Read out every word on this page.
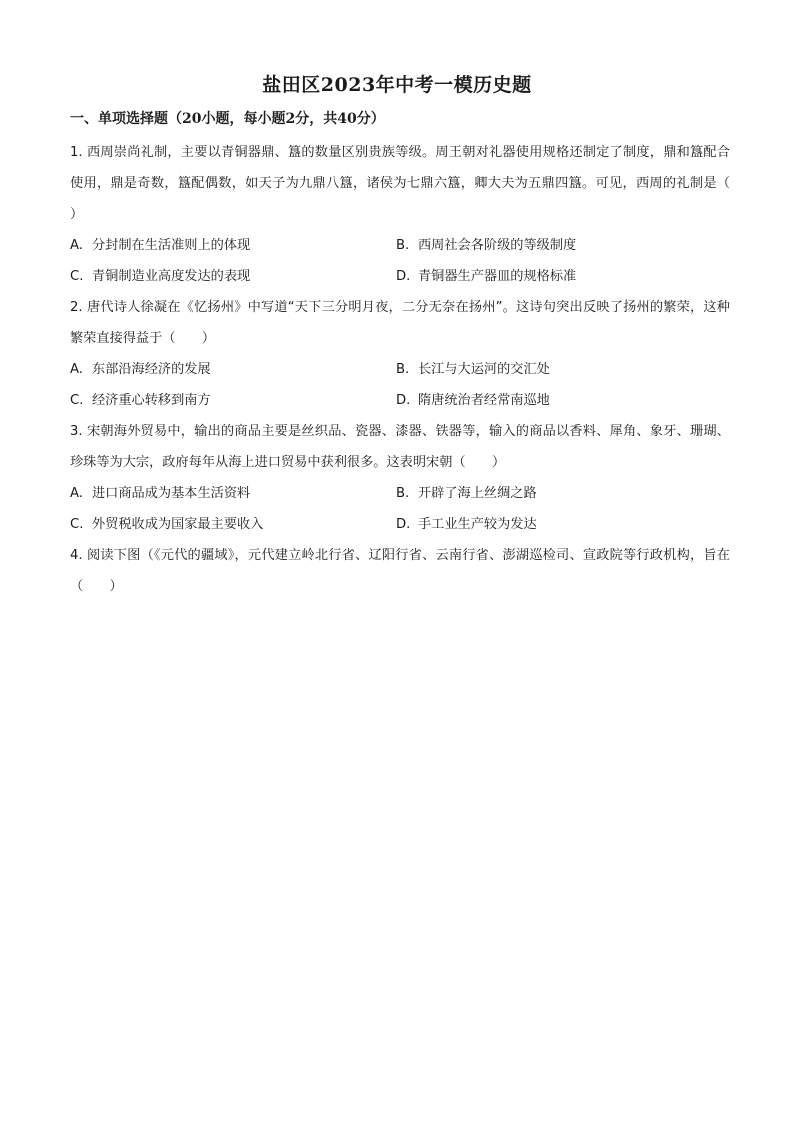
盐田区2023年中考一模历史题
一、单项选择题（20小题，每小题2分，共40分）

1. 西周崇尚礼制，主要以青铜器鼎、簋的数量区别贵族等级。周王朝对礼器使用规格还制定了制度，鼎和簋配合使用，鼎是奇数，簋配偶数，如天子为九鼎八簋，诸侯为七鼎六簋，卿大夫为五鼎四簋。可见，西周的礼制是（　　）

A. 分封制在生活准则上的体现	B. 西周社会各阶级的等级制度
C. 青铜制造业高度发达的表现	D. 青铜器生产器皿的规格标准

2. 唐代诗人徐凝在《忆扬州》中写道“天下三分明月夜，二分无奈在扬州”。这诗句突出反映了扬州的繁荣，这种繁荣直接得益于（　　）

A. 东部沿海经济的发展	B. 长江与大运河的交汇处
C. 经济重心转移到南方	D. 隋唐统治者经常南巡地

3. 宋朝海外贸易中，输出的商品主要是丝织品、瓷器、漆器、铁器等，输入的商品以香料、犀角、象牙、珊瑚、珍珠等为大宗，政府每年从海上进口贸易中获利很多。这表明宋朝（　　）

A. 进口商品成为基本生活资料	B. 开辟了海上丝绸之路
C. 外贸税收成为国家最主要收入	D. 手工业生产较为发达

4. 阅读下图（《元代的疆域》，元代建立岭北行省、辽阳行省、云南行省、澎湖巡检司、宣政院等行政机构，旨在（　　）
